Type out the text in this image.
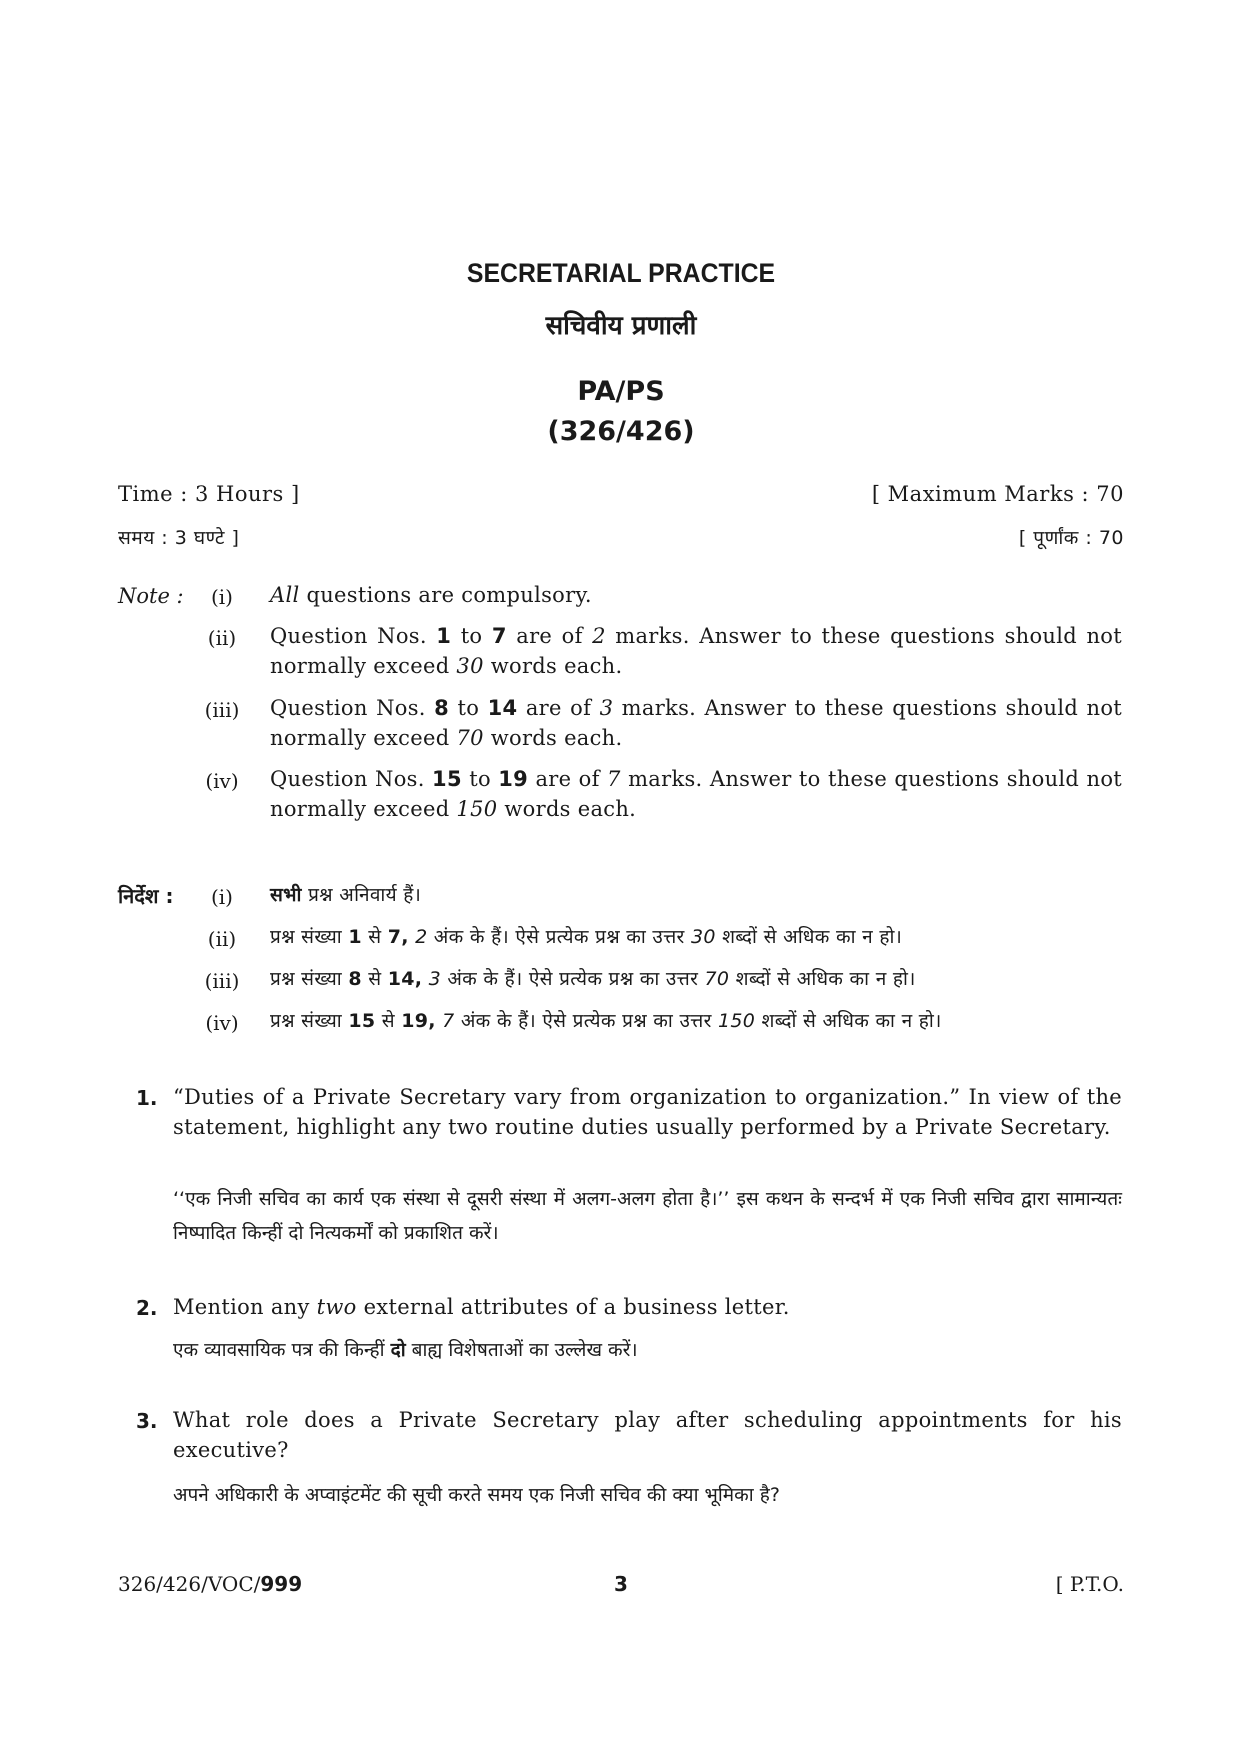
SECRETARIAL PRACTICE
सचिवीय प्रणाली
PA/PS
(326/426)
Time : 3 Hours ]	[ Maximum Marks : 70
समय : 3 घण्टे ]	[ पूर्णांक : 70
Note :	(i)	All questions are compulsory.
(ii)	Question Nos. 1 to 7 are of 2 marks. Answer to these questions should not normally exceed 30 words each.
(iii)	Question Nos. 8 to 14 are of 3 marks. Answer to these questions should not normally exceed 70 words each.
(iv)	Question Nos. 15 to 19 are of 7 marks. Answer to these questions should not normally exceed 150 words each.
निर्देश :	(i)	सभी प्रश्न अनिवार्य हैं।
(ii)	प्रश्न संख्या 1 से 7, 2 अंक के हैं। ऐसे प्रत्येक प्रश्न का उत्तर 30 शब्दों से अधिक का न हो।
(iii)	प्रश्न संख्या 8 से 14, 3 अंक के हैं। ऐसे प्रत्येक प्रश्न का उत्तर 70 शब्दों से अधिक का न हो।
(iv)	प्रश्न संख्या 15 से 19, 7 अंक के हैं। ऐसे प्रत्येक प्रश्न का उत्तर 150 शब्दों से अधिक का न हो।
1. “Duties of a Private Secretary vary from organization to organization.” In view of the statement, highlight any two routine duties usually performed by a Private Secretary.
‘‘एक निजी सचिव का कार्य एक संस्था से दूसरी संस्था में अलग-अलग होता है।’’ इस कथन के सन्दर्भ में एक निजी सचिव द्वारा सामान्यतः निष्पादित किन्हीं दो नित्यकर्मों को प्रकाशित करें।
2. Mention any two external attributes of a business letter.
एक व्यावसायिक पत्र की किन्हीं दो बाह्य विशेषताओं का उल्लेख करें।
3. What role does a Private Secretary play after scheduling appointments for his executive?
अपने अधिकारी के अप्वाइंटमेंट की सूची करते समय एक निजी सचिव की क्या भूमिका है?
326/426/VOC/999	3	[ P.T.O.
